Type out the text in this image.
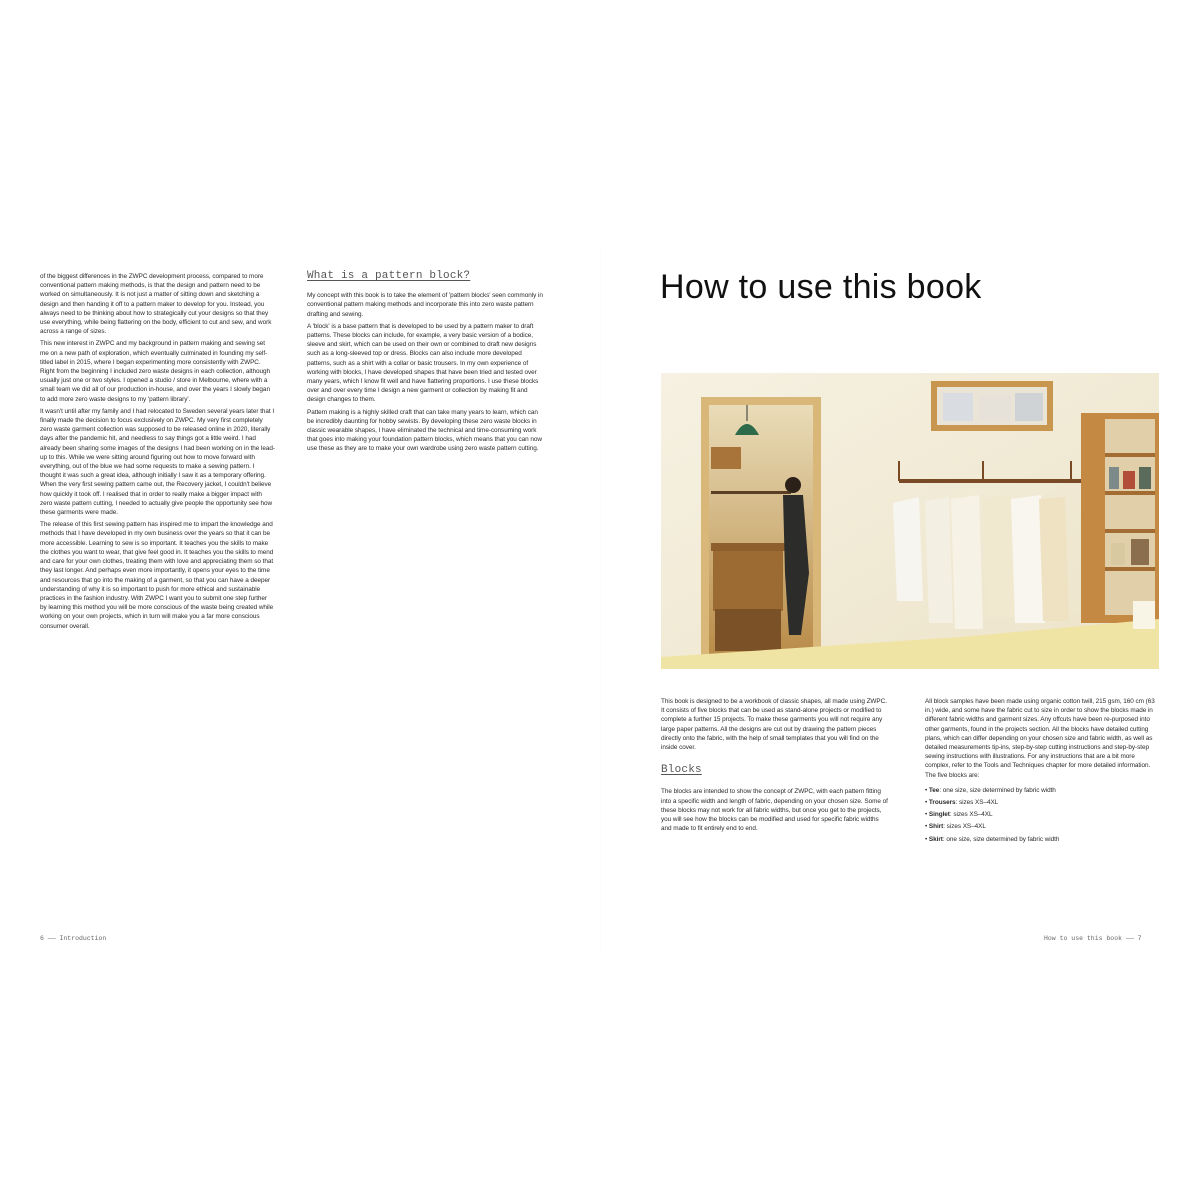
of the biggest differences in the ZWPC development process, compared to more conventional pattern making methods, is that the design and pattern need to be worked on simultaneously. It is not just a matter of sitting down and sketching a design and then handing it off to a pattern maker to develop for you. Instead, you always need to be thinking about how to strategically cut your designs so that they use everything, while being flattering on the body, efficient to cut and sew, and work across a range of sizes.

This new interest in ZWPC and my background in pattern making and sewing set me on a new path of exploration, which eventually culminated in founding my self-titled label in 2015, where I began experimenting more consistently with ZWPC. Right from the beginning I included zero waste designs in each collection, although usually just one or two styles. I opened a studio / store in Melbourne, where with a small team we did all of our production in-house, and over the years I slowly began to add more zero waste designs to my 'pattern library'.

It wasn't until after my family and I had relocated to Sweden several years later that I finally made the decision to focus exclusively on ZWPC. My very first completely zero waste garment collection was supposed to be released online in 2020, literally days after the pandemic hit, and needless to say things got a little weird. I had already been sharing some images of the designs I had been working on in the lead-up to this. While we were sitting around figuring out how to move forward with everything, out of the blue we had some requests to make a sewing pattern. I thought it was such a great idea, although initially I saw it as a temporary offering. When the very first sewing pattern came out, the Recovery jacket, I couldn't believe how quickly it took off. I realised that in order to really make a bigger impact with zero waste pattern cutting, I needed to actually give people the opportunity see how these garments were made.

The release of this first sewing pattern has inspired me to impart the knowledge and methods that I have developed in my own business over the years so that it can be more accessible. Learning to sew is so important. It teaches you the skills to make the clothes you want to wear, that give feel good in. It teaches you the skills to mend and care for your own clothes, treating them with love and appreciating them so that they last longer. And perhaps even more importantly, it opens your eyes to the time and resources that go into the making of a garment, so that you can have a deeper understanding of why it is so important to push for more ethical and sustainable practices in the fashion industry. With ZWPC I want you to submit one step further by learning this method you will be more conscious of the waste being created while working on your own projects, which in turn will make you a far more conscious consumer overall.

What is a pattern block?

My concept with this book is to take the element of 'pattern blocks' seen commonly in conventional pattern making methods and incorporate this into zero waste pattern drafting and sewing.

A 'block' is a base pattern that is developed to be used by a pattern maker to draft patterns. These blocks can include, for example, a very basic version of a bodice, sleeve and skirt, which can be used on their own or combined to draft new designs such as a long-sleeved top or dress. Blocks can also include more developed patterns, such as a shirt with a collar or basic trousers. In my own experience of working with blocks, I have developed shapes that have been tried and tested over many years, which I know fit well and have flattering proportions. I use these blocks over and over every time I design a new garment or collection by making fit and design changes to them.

Pattern making is a highly skilled craft that can take many years to learn, which can be incredibly daunting for hobby sewists. By developing these zero waste blocks in classic wearable shapes, I have eliminated the technical and time-consuming work that goes into making your foundation pattern blocks, which means that you can now use these as they are to make your own wardrobe using zero waste pattern cutting.

6 —— Introduction
How to use this book

This book is designed to be a workbook of classic shapes, all made using ZWPC. It consists of five blocks that can be used as stand-alone projects or modified to complete a further 15 projects. To make these garments you will not require any large paper patterns. All the designs are cut out by drawing the pattern pieces directly onto the fabric, with the help of small templates that you will find on the inside cover.

Blocks

The blocks are intended to show the concept of ZWPC, with each pattern fitting into a specific width and length of fabric, depending on your chosen size. Some of these blocks may not work for all fabric widths, but once you get to the projects, you will see how the blocks can be modified and used for specific fabric widths and made to fit entirely end to end.

All block samples have been made using organic cotton twill, 215 gsm, 160 cm (63 in.) wide, and some have the fabric cut to size in order to show the blocks made in different fabric widths and garment sizes. Any offcuts have been re-purposed into other garments, found in the projects section. All the blocks have detailed cutting plans, which can differ depending on your chosen size and fabric width, as well as detailed measurements tip-ins, step-by-step cutting instructions and step-by-step sewing instructions with illustrations. For any instructions that are a bit more complex, refer to the Tools and Techniques chapter for more detailed information. The five blocks are:

• Tee: one size, size determined by fabric width
• Trousers: sizes XS–4XL
• Singlet: sizes XS–4XL
• Shirt: sizes XS–4XL
• Skirt: one size, size determined by fabric width
How to use this book —— 7
